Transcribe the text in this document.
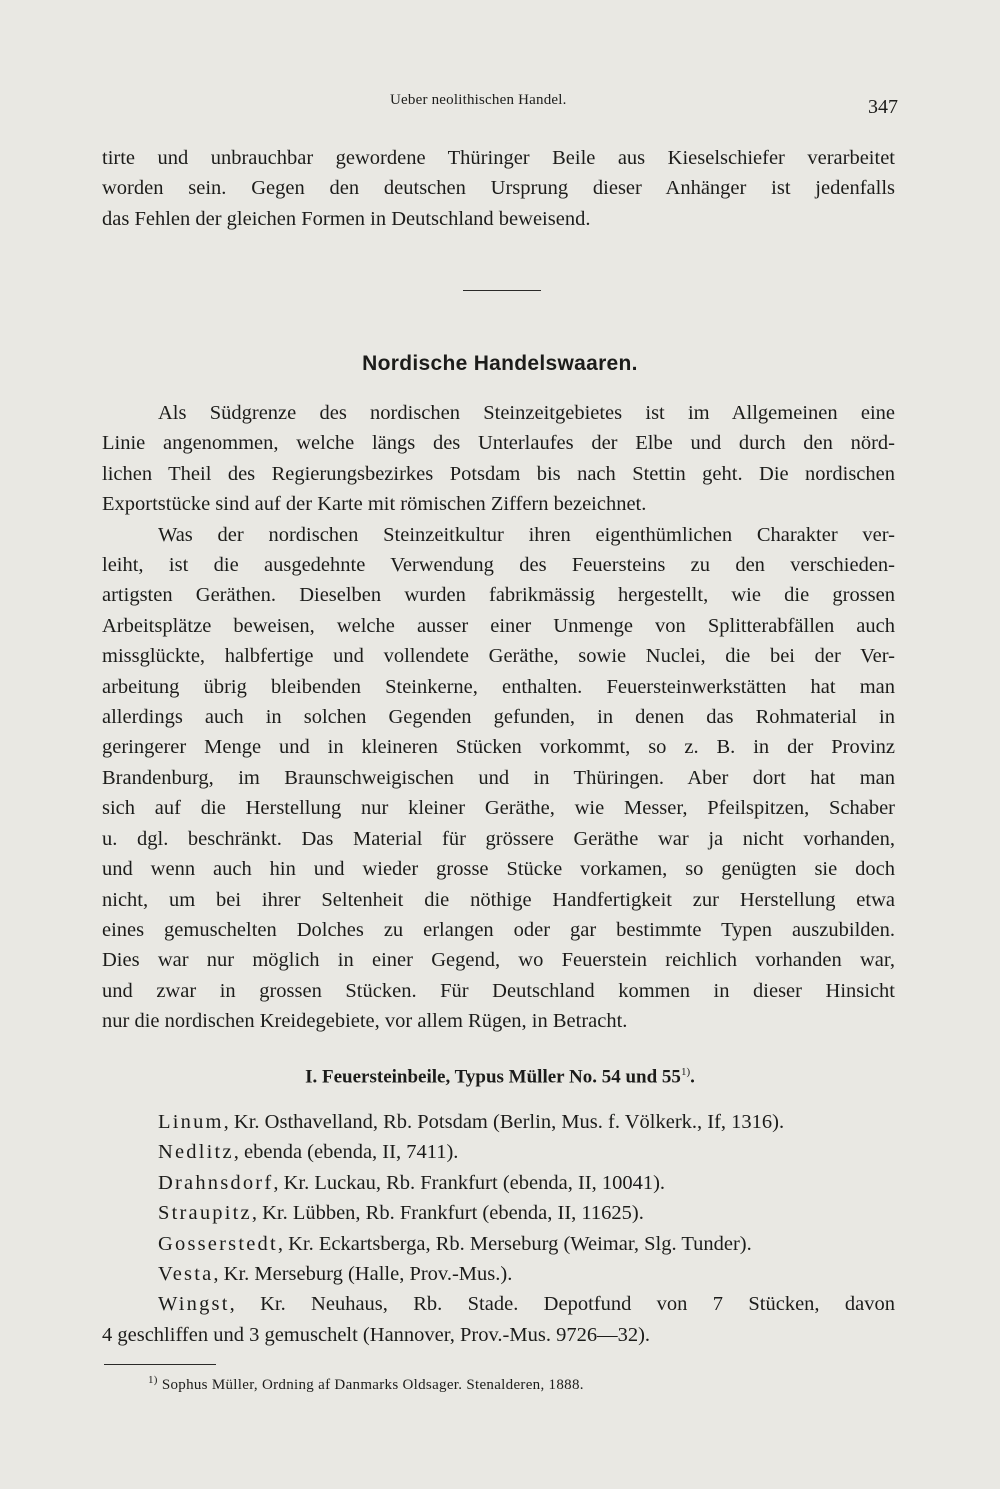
Ueber neolithischen Handel.	347
tirte und unbrauchbar gewordene Thüringer Beile aus Kieselschiefer verarbeitet
worden sein. Gegen den deutschen Ursprung dieser Anhänger ist jedenfalls
das Fehlen der gleichen Formen in Deutschland beweisend.
Nordische Handelswaaren.
Als Südgrenze des nordischen Steinzeitgebietes ist im Allgemeinen eine
Linie angenommen, welche längs des Unterlaufes der Elbe und durch den nörd-
lichen Theil des Regierungsbezirkes Potsdam bis nach Stettin geht. Die nordischen
Exportstücke sind auf der Karte mit römischen Ziffern bezeichnet.
Was der nordischen Steinzeitkultur ihren eigenthümlichen Charakter ver-
leiht, ist die ausgedehnte Verwendung des Feuersteins zu den verschieden-
artigsten Geräthen. Dieselben wurden fabrikmässig hergestellt, wie die grossen
Arbeitsplätze beweisen, welche ausser einer Unmenge von Splitterabfällen auch
missglückte, halbfertige und vollendete Geräthe, sowie Nuclei, die bei der Ver-
arbeitung übrig bleibenden Steinkerne, enthalten. Feuersteinwerkstätten hat man
allerdings auch in solchen Gegenden gefunden, in denen das Rohmaterial in
geringerer Menge und in kleineren Stücken vorkommt, so z. B. in der Provinz
Brandenburg, im Braunschweigischen und in Thüringen. Aber dort hat man
sich auf die Herstellung nur kleiner Geräthe, wie Messer, Pfeilspitzen, Schaber
u. dgl. beschränkt. Das Material für grössere Geräthe war ja nicht vorhanden,
und wenn auch hin und wieder grosse Stücke vorkamen, so genügten sie doch
nicht, um bei ihrer Seltenheit die nöthige Handfertigkeit zur Herstellung etwa
eines gemuschelten Dolches zu erlangen oder gar bestimmte Typen auszubilden.
Dies war nur möglich in einer Gegend, wo Feuerstein reichlich vorhanden war,
und zwar in grossen Stücken. Für Deutschland kommen in dieser Hinsicht
nur die nordischen Kreidegebiete, vor allem Rügen, in Betracht.
I. Feuersteinbeile, Typus Müller No. 54 und 55$^{1)}$.
Linum, Kr. Osthavelland, Rb. Potsdam (Berlin, Mus. f. Völkerk., If, 1316).
Nedlitz, ebenda (ebenda, II, 7411).
Drahnsdorf, Kr. Luckau, Rb. Frankfurt (ebenda, II, 10041).
Straupitz, Kr. Lübben, Rb. Frankfurt (ebenda, II, 11625).
Gosserstedt, Kr. Eckartsberga, Rb. Merseburg (Weimar, Slg. Tunder).
Vesta, Kr. Merseburg (Halle, Prov.-Mus.).
Wingst, Kr. Neuhaus, Rb. Stade. Depotfund von 7 Stücken, davon
4 geschliffen und 3 gemuschelt (Hannover, Prov.-Mus. 9726—32).
$^{1)}$ Sophus Müller, Ordning af Danmarks Oldsager. Stenalderen, 1888.
